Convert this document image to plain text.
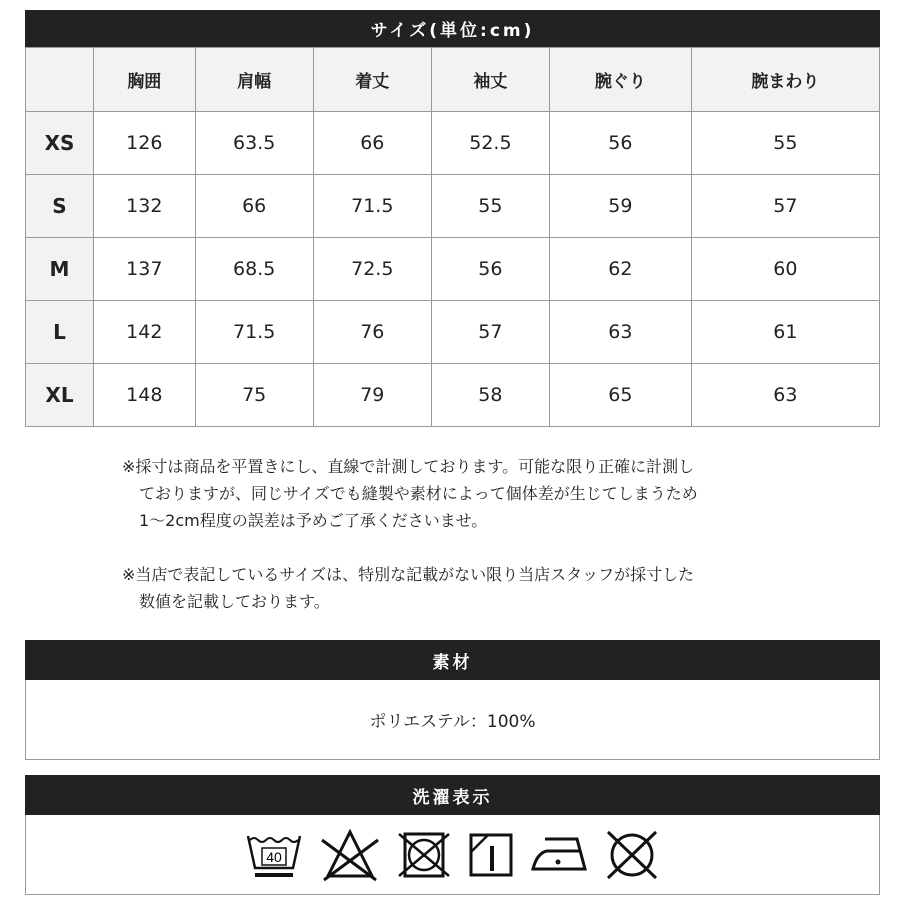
サイズ(単位:cm)
	胸囲	肩幅	着丈	袖丈	腕ぐり	腕まわり
XS	126	63.5	66	52.5	56	55
S	132	66	71.5	55	59	57
M	137	68.5	72.5	56	62	60
L	142	71.5	76	57	63	61
XL	148	75	79	58	65	63
※採寸は商品を平置きにし、直線で計測しております。可能な限り正確に計測し
ておりますが、同じサイズでも縫製や素材によって個体差が生じてしまうため
1～2cm程度の誤差は予めご了承くださいませ。
※当店で表記しているサイズは、特別な記載がない限り当店スタッフが採寸した
数値を記載しております。
素材
ポリエステル：100%
洗濯表示
40
